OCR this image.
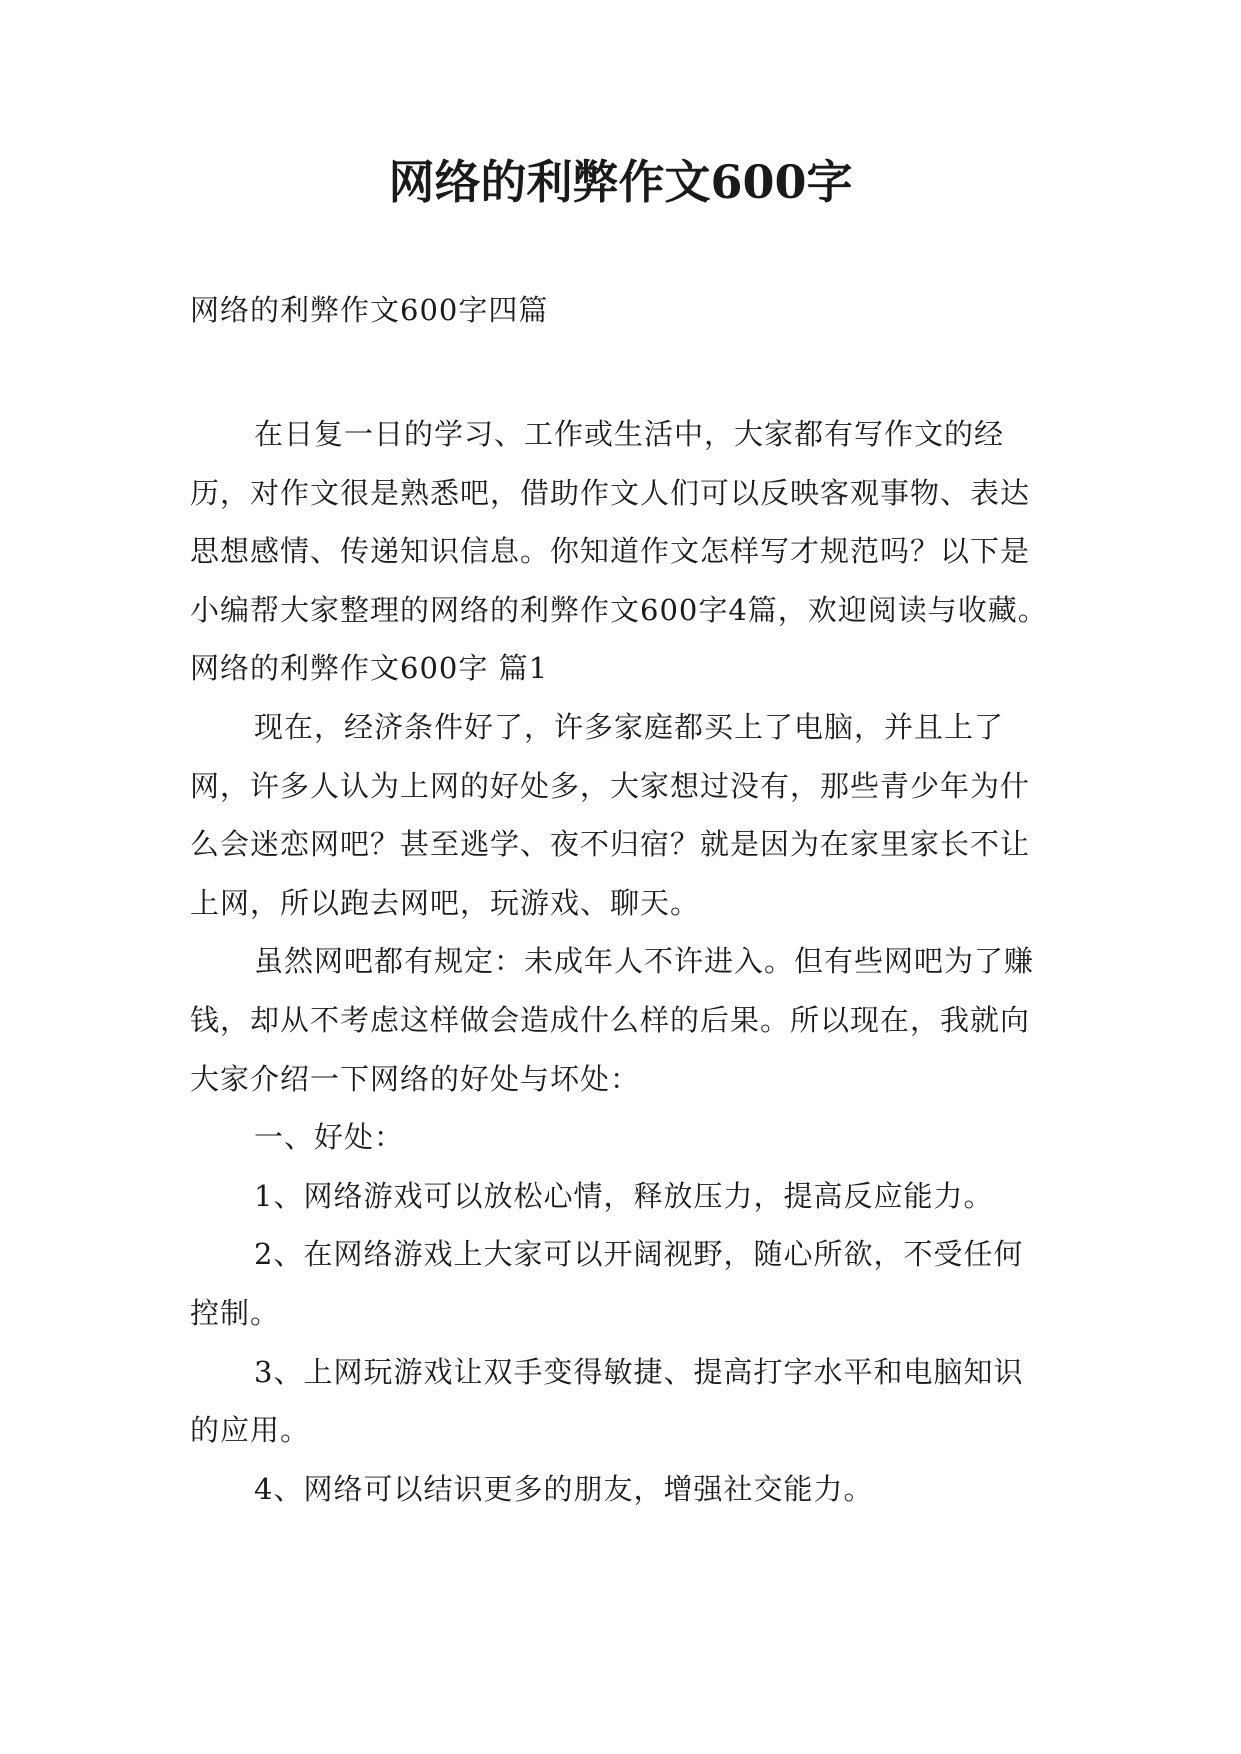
网络的利弊作文600字

网络的利弊作文600字四篇

在日复一日的学习、工作或生活中，大家都有写作文的经历，对作文很是熟悉吧，借助作文人们可以反映客观事物、表达思想感情、传递知识信息。你知道作文怎样写才规范吗？以下是小编帮大家整理的网络的利弊作文600字4篇，欢迎阅读与收藏。

网络的利弊作文600字 篇1

现在，经济条件好了，许多家庭都买上了电脑，并且上了网，许多人认为上网的好处多，大家想过没有，那些青少年为什么会迷恋网吧？甚至逃学、夜不归宿？就是因为在家里家长不让上网，所以跑去网吧，玩游戏、聊天。

虽然网吧都有规定：未成年人不许进入。但有些网吧为了赚钱，却从不考虑这样做会造成什么样的后果。所以现在，我就向大家介绍一下网络的好处与坏处：

一、好处：

1、网络游戏可以放松心情，释放压力，提高反应能力。

2、在网络游戏上大家可以开阔视野，随心所欲，不受任何控制。

3、上网玩游戏让双手变得敏捷、提高打字水平和电脑知识的应用。

4、网络可以结识更多的朋友，增强社交能力。
